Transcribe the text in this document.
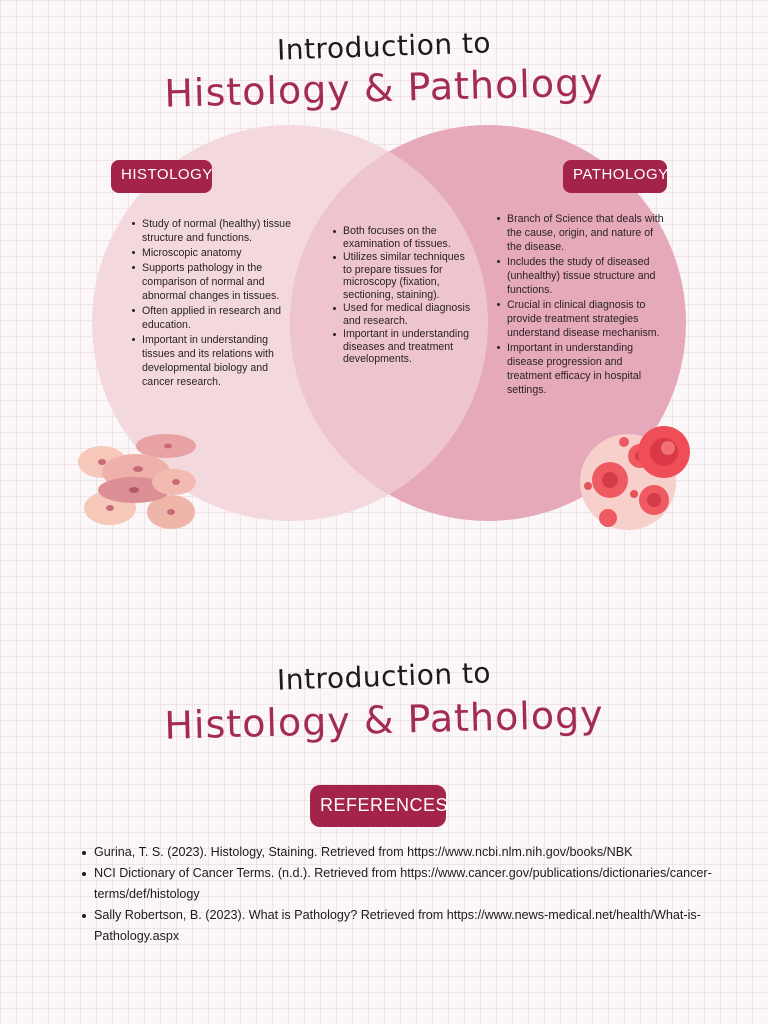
Introduction to
Histology & Pathology
HISTOLOGY	PATHOLOGY
Study of normal (healthy) tissue structure and functions.
Microscopic anatomy
Supports pathology in the comparison of normal and abnormal changes in tissues.
Often applied in research and education.
Important in understanding tissues and its relations with developmental biology and cancer research.
Both focuses on the examination of tissues.
Utilizes similar techniques to prepare tissues for microscopy (fixation, sectioning, staining).
Used for medical diagnosis and research.
Important in understanding diseases and treatment developments.
Branch of Science that deals with the cause, origin, and nature of the disease.
Includes the study of diseased (unhealthy) tissue structure and functions.
Crucial in clinical diagnosis to provide treatment strategies understand disease mechanism.
Important in understanding disease progression and treatment efficacy in hospital settings.
Introduction to
Histology & Pathology
REFERENCES
Gurina, T. S. (2023). Histology, Staining. Retrieved from https://www.ncbi.nlm.nih.gov/books/NBK
NCI Dictionary of Cancer Terms. (n.d.). Retrieved from https://www.cancer.gov/publications/dictionaries/cancer-terms/def/histology
Sally Robertson, B. (2023). What is Pathology? Retrieved from https://www.news-medical.net/health/What-is-Pathology.aspx
